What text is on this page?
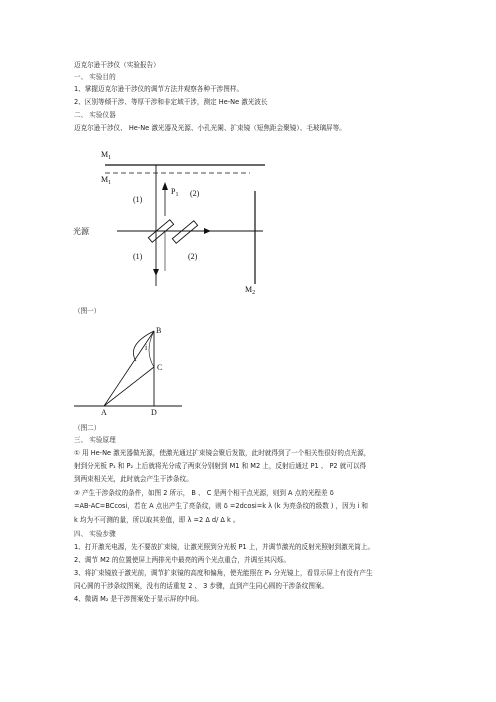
迈克尔逊干涉仪（实验报告）
一、 实验目的
1、掌握迈克尔逊干涉仪的调节方法并观察各种干涉图样。
2、区别等倾干涉、等厚干涉和非定域干涉，测定 He-Ne 激光波长
二、 实验仪器
迈克尔逊干涉仪、 He-Ne 激光器及光源、小孔光阑、扩束镜（短焦距会聚镜）、毛玻璃屏等。
$M_1$
$M_1$
$P_1$ (2)
(1)
光源
(1)	(2)
$M_2$
（图一）
B
i
C
A	D
（图二）
三、 实验原理
① 用 He-Ne 激光器做光源，使激光通过扩束镜会聚后发散，此时就得到了一个相关性很好的点光源，
射到分光板 P₁ 和 P₂ 上后就将光分成了两束分别射到 M1 和 M2 上，反射后通过 P1 、 P2 就可以得
到两束相关光，此时就会产生干涉条纹。
② 产生干涉条纹的条件，如图 2 所示， B 、 C 是两个相干点光源，则到 A 点的光程差 δ
=AB-AC=BCcosi，若在 A 点出产生了亮条纹，则 δ =2dcosi=k λ (k 为亮条纹的级数 ) ，因为 i 和
k 均为不可测的量，所以取其差值，即 λ =2 Δ d/ Δ k 。
四、 实验步骤
1、打开激光电源，先不要放扩束镜，让激光照到分光板 P1 上，并调节激光的反射光照射到激光筒上。
2、调节 M2 的位置使屏上两排光中最亮的两个光点重合，并调至其闪烁。
3、将扩束镜放于激光前，调节扩束镜的高度和偏角，使光能照在 P₁ 分光镜上，看显示屏上有没有产生
同心圆的干涉条纹图案，没有的话重复 2 、 3 步骤，直到产生同心圆的干涉条纹图案。
4、微调 M₂ 是干涉图案处于显示屏的中间。
